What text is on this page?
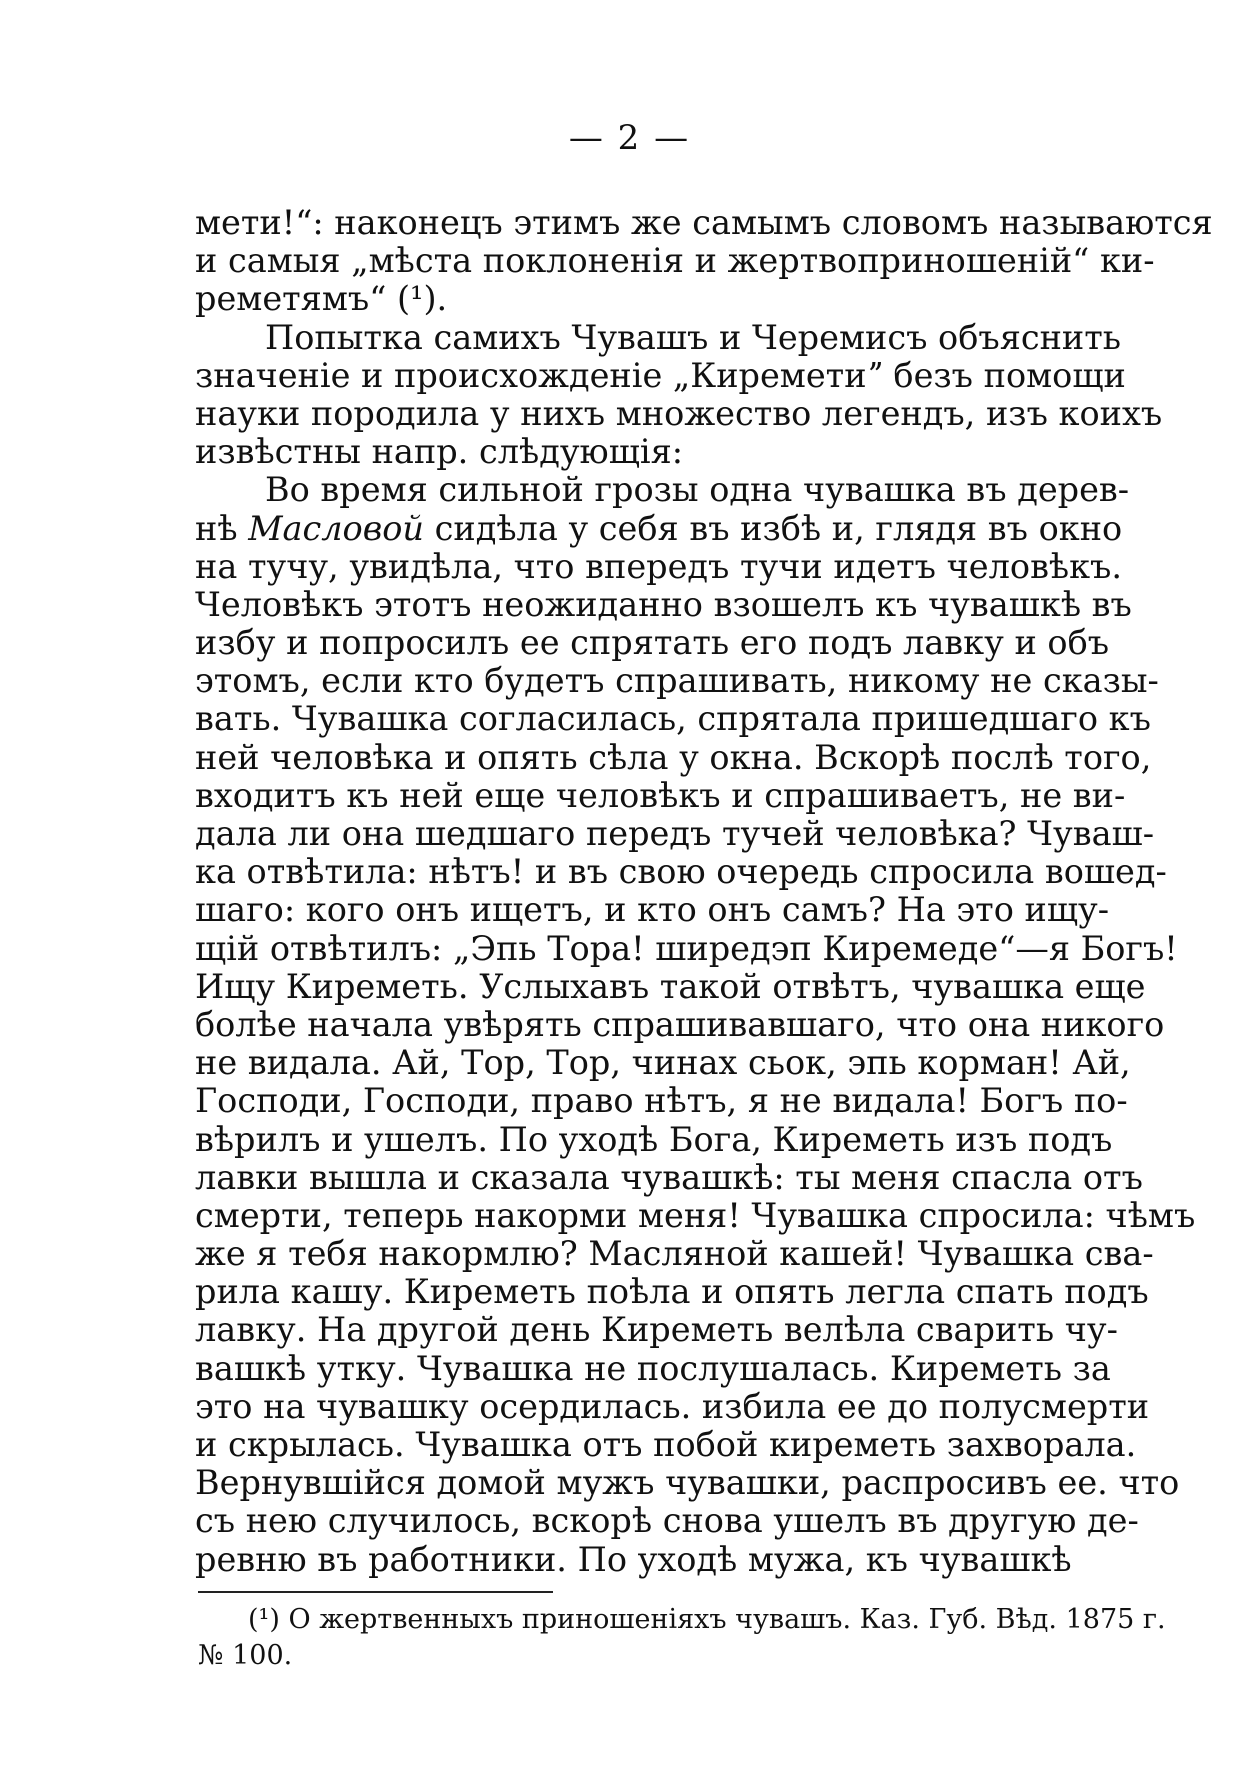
— 2 —
мети!“: наконецъ этимъ же самымъ словомъ называются
и самыя „мѣста поклоненія и жертвоприношеній“ ки-
реметямъ“ (¹).
Попытка самихъ Чувашъ и Черемисъ объяснить
значеніе и происхожденіе „Киреметиˮ безъ помощи
науки породила у нихъ множество легендъ, изъ коихъ
извѣстны напр. слѣдующія:
Во время сильной грозы одна чувашка въ дерев-
нѣ Масловой сидѣла у себя въ избѣ и, глядя въ окно
на тучу, увидѣла, что впередъ тучи идетъ человѣкъ.
Человѣкъ этотъ неожиданно взошелъ къ чувашкѣ въ
избу и попросилъ ее спрятать его подъ лавку и объ
этомъ, если кто будетъ спрашивать, никому не сказы-
вать. Чувашка согласилась, спрятала пришедшаго къ
ней человѣка и опять сѣла у окна. Вскорѣ послѣ того,
входитъ къ ней еще человѣкъ и спрашиваетъ, не ви-
дала ли она шедшаго передъ тучей человѣка? Чуваш-
ка отвѣтила: нѣтъ! и въ свою очередь спросила вошед-
шаго: кого онъ ищетъ, и кто онъ самъ? На это ищу-
щій отвѣтилъ: „Эпь Тора! ширедэп Киремеде“—я Богъ!
Ищу Киреметь. Услыхавъ такой отвѣтъ, чувашка еще
болѣе начала увѣрять спрашивавшаго, что она никого
не видала. Ай, Тор, Тор, чинах сьок, эпь корман! Ай,
Господи, Господи, право нѣтъ, я не видала! Богъ по-
вѣрилъ и ушелъ. По уходѣ Бога, Киреметь изъ подъ
лавки вышла и сказала чувашкѣ: ты меня спасла отъ
смерти, теперь накорми меня! Чувашка спросила: чѣмъ
же я тебя накормлю? Масляной кашей! Чувашка сва-
рила кашу. Киреметь поѣла и опять легла спать подъ
лавку. На другой день Киреметь велѣла сварить чу-
вашкѣ утку. Чувашка не послушалась. Киреметь за
это на чувашку осердилась. избила ее до полусмерти
и скрылась. Чувашка отъ побой киреметь захворала.
Вернувшійся домой мужъ чувашки, распросивъ ее. что
съ нею случилось, вскорѣ снова ушелъ въ другую де-
ревню въ работники. По уходѣ мужа, къ чувашкѣ
(¹) О жертвенныхъ приношеніяхъ чувашъ. Каз. Губ. Вѣд. 1875 г.
№ 100.
